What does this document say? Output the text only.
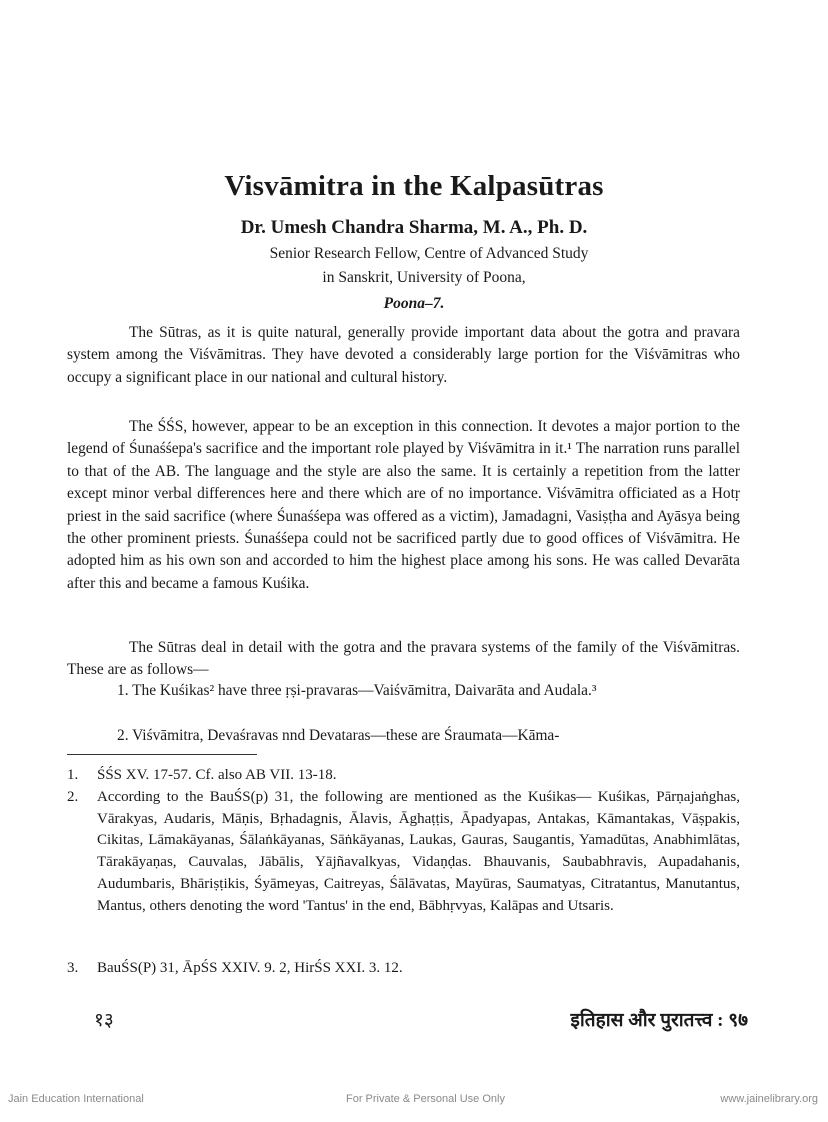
Visvāmitra in the Kalpasūtras
Dr. Umesh Chandra Sharma, M. A., Ph. D.
Senior Research Fellow, Centre of Advanced Study
in Sanskrit, University of Poona,
Poona–7.

The Sūtras, as it is quite natural, generally provide important data about the gotra and pravara system among the Viśvāmitras. They have devoted a considerably large portion for the Viśvāmitras who occupy a significant place in our national and cultural history.

The ŚŚS, however, appear to be an exception in this connection. It devotes a major portion to the legend of Śunaśśepa's sacrifice and the important role played by Viśvāmitra in it.¹ The narration runs parallel to that of the AB. The language and the style are also the same. It is certainly a repetition from the latter except minor verbal differences here and there which are of no importance. Viśvāmitra officiated as a Hotṛ priest in the said sacrifice (where Śunaśśepa was offered as a victim), Jamadagni, Vasiṣṭha and Ayāsya being the other prominent priests. Śunaśśepa could not be sacrificed partly due to good offices of Viśvāmitra. He adopted him as his own son and accorded to him the highest place among his sons. He was called Devarāta after this and became a famous Kuśika.

The Sūtras deal in detail with the gotra and the pravara systems of the family of the Viśvāmitras. These are as follows—

1. The Kuśikas² have three ṛṣi-pravaras—Vaiśvāmitra, Daivarāta and Audala.³

2. Viśvāmitra, Devaśravas nnd Devataras—these are Śraumata—Kāma-

1. ŚŚS XV. 17-57. Cf. also AB VII. 13-18.
2. According to the BauŚS(p) 31, the following are mentioned as the Kuśikas— Kuśikas, Pārṇajaṅghas, Vārakyas, Audaris, Māṇis, Bṛhadagnis, Ālavis, Āghaṭṭis, Āpadyapas, Antakas, Kāmantakas, Vāṣpakis, Cikitas, Lāmakāyanas, Śālaṅkāyanas, Sāṅkāyanas, Laukas, Gauras, Saugantis, Yamadūtas, Anabhimlātas, Tārakāyaṇas, Cauvalas, Jābālis, Yājñavalkyas, Vidaṇḍas. Bhauvanis, Saubabhravis, Aupadahanis, Audumbaris, Bhāriṣṭikis, Śyāmeyas, Caitreyas, Śālāvatas, Mayūras, Saumatyas, Citratantus, Manutantus, Mantus, others denoting the word 'Tantus' in the end, Bābhṛvyas, Kalāpas and Utsaris.
3. BauŚS(P) 31, ĀpŚS XXIV. 9. 2, HirŚS XXI. 3. 12.
१३	इतिहास और पुरातत्त्व : ९७
Jain Education International	For Private & Personal Use Only	www.jainelibrary.org
